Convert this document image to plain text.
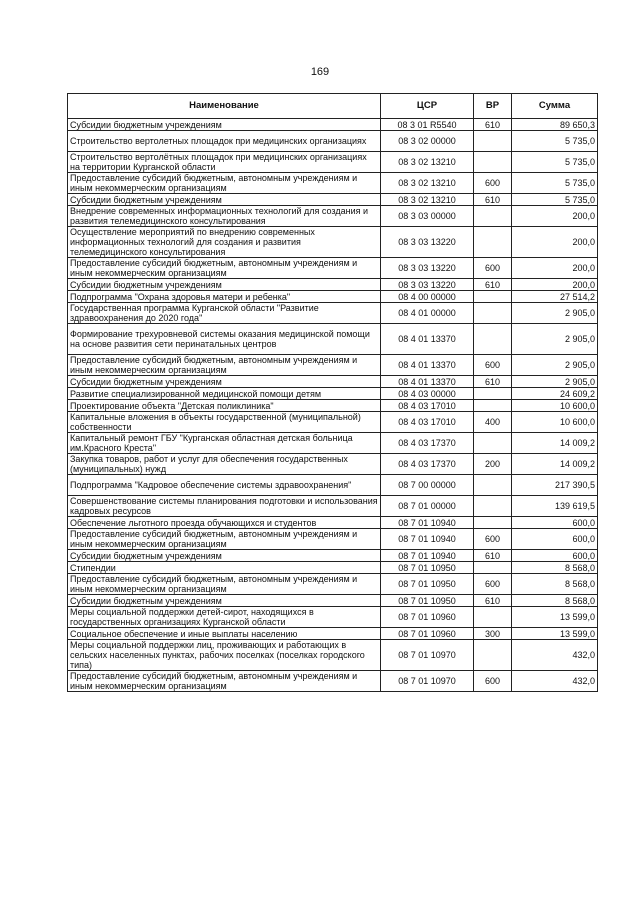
169
Наименование	ЦСР	ВР	Сумма
Субсидии бюджетным учреждениям	08 3 01 R5540	610	89 650,3
Строительство вертолетных площадок при медицинских организациях	08 3 02 00000		5 735,0
Строительство вертолётных площадок при медицинских организациях на территории Курганской области	08 3 02 13210		5 735,0
Предоставление субсидий бюджетным, автономным учреждениям и иным некоммерческим организациям	08 3 02 13210	600	5 735,0
Субсидии бюджетным учреждениям	08 3 02 13210	610	5 735,0
Внедрение современных информационных технологий для создания и развития телемедицинского консультирования	08 3 03 00000		200,0
Осуществление мероприятий по внедрению современных информационных технологий для создания и развития телемедицинского консультирования	08 3 03 13220		200,0
Предоставление субсидий бюджетным, автономным учреждениям и иным некоммерческим организациям	08 3 03 13220	600	200,0
Субсидии бюджетным учреждениям	08 3 03 13220	610	200,0
Подпрограмма "Охрана здоровья матери и ребенка"	08 4 00 00000		27 514,2
Государственная программа Курганской области "Развитие здравоохранения до 2020 года"	08 4 01 00000		2 905,0
Формирование трехуровневой системы оказания медицинской помощи на основе развития сети перинатальных центров	08 4 01 13370		2 905,0
Предоставление субсидий бюджетным, автономным учреждениям и иным некоммерческим организациям	08 4 01 13370	600	2 905,0
Субсидии бюджетным учреждениям	08 4 01 13370	610	2 905,0
Развитие специализированной медицинской помощи детям	08 4 03 00000		24 609,2
Проектирование объекта "Детская поликлиника"	08 4 03 17010		10 600,0
Капитальные вложения в объекты государственной (муниципальной) собственности	08 4 03 17010	400	10 600,0
Капитальный ремонт ГБУ "Курганская областная детская больница им.Красного Креста"	08 4 03 17370		14 009,2
Закупка товаров, работ и услуг для обеспечения государственных (муниципальных) нужд	08 4 03 17370	200	14 009,2
Подпрограмма "Кадровое обеспечение системы здравоохранения"	08 7 00 00000		217 390,5
Совершенствование системы планирования подготовки и использования кадровых ресурсов	08 7 01 00000		139 619,5
Обеспечение льготного проезда обучающихся и студентов	08 7 01 10940		600,0
Предоставление субсидий бюджетным, автономным учреждениям и иным некоммерческим организациям	08 7 01 10940	600	600,0
Субсидии бюджетным учреждениям	08 7 01 10940	610	600,0
Стипендии	08 7 01 10950		8 568,0
Предоставление субсидий бюджетным, автономным учреждениям и иным некоммерческим организациям	08 7 01 10950	600	8 568,0
Субсидии бюджетным учреждениям	08 7 01 10950	610	8 568,0
Меры социальной поддержки детей-сирот, находящихся в государственных организациях Курганской области	08 7 01 10960		13 599,0
Социальное обеспечение и иные выплаты населению	08 7 01 10960	300	13 599,0
Меры социальной поддержки лиц, проживающих и работающих в сельских населенных пунктах, рабочих поселках (поселках городского типа)	08 7 01 10970		432,0
Предоставление субсидий бюджетным, автономным учреждениям и иным некоммерческим организациям	08 7 01 10970	600	432,0
